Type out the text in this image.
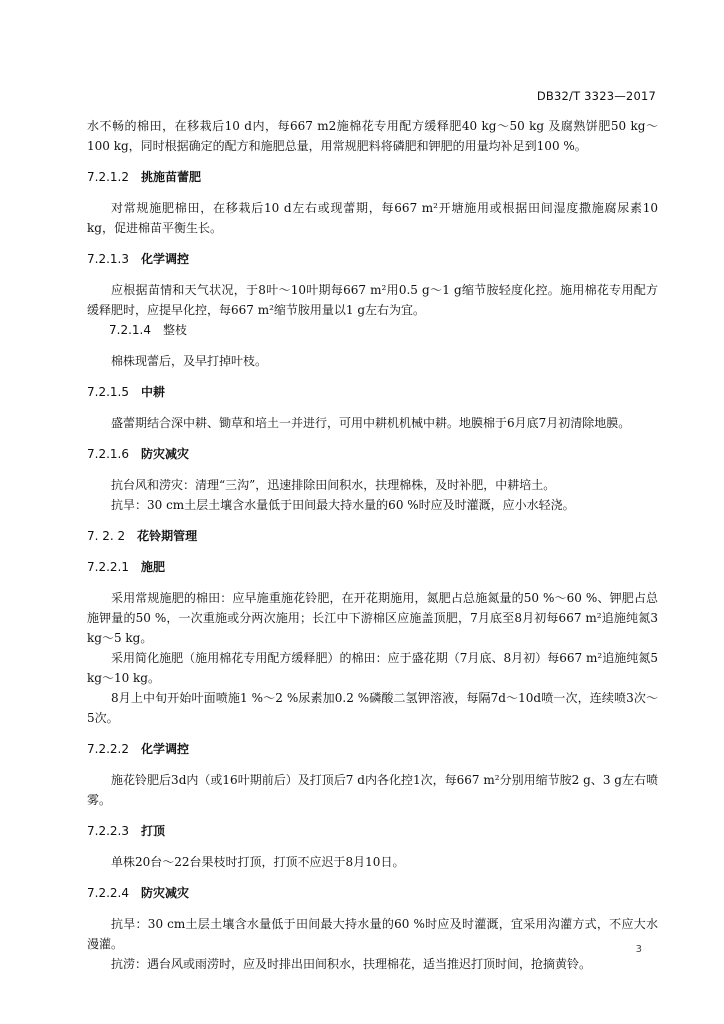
DB32/T 3323—2017

水不畅的棉田，在移栽后10 d内，每667 m2施棉花专用配方缓释肥40 kg～50 kg 及腐熟饼肥50 kg～100 kg，同时根据确定的配方和施肥总量，用常规肥料将磷肥和钾肥的用量均补足到100 %。

7.2.1.2 挑施苗蕾肥

对常规施肥棉田，在移栽后10 d左右或现蕾期，每667 m²开塘施用或根据田间湿度撒施腐尿素10 kg，促进棉苗平衡生长。

7.2.1.3 化学调控

应根据苗情和天气状况，于8叶～10叶期每667 m²用0.5 g～1 g缩节胺轻度化控。施用棉花专用配方缓释肥时，应提早化控，每667 m²缩节胺用量以1 g左右为宜。

7.2.1.4 整枝

棉株现蕾后，及早打掉叶枝。

7.2.1.5 中耕

盛蕾期结合深中耕、锄草和培土一并进行，可用中耕机机械中耕。地膜棉于6月底7月初清除地膜。

7.2.1.6 防灾减灾

抗台风和涝灾：清理“三沟”，迅速排除田间积水，扶理棉株，及时补肥，中耕培土。

抗旱：30 cm土层土壤含水量低于田间最大持水量的60 %时应及时灌溉，应小水轻浇。

7. 2. 2 花铃期管理
7.2.2.1 施肥

采用常规施肥的棉田：应早施重施花铃肥，在开花期施用，氮肥占总施氮量的50 %～60 %、钾肥占总施钾量的50 %，一次重施或分两次施用；长江中下游棉区应施盖顶肥，7月底至8月初每667 m²追施纯氮3 kg～5 kg。

采用简化施肥（施用棉花专用配方缓释肥）的棉田：应于盛花期（7月底、8月初）每667 m²追施纯氮5 kg～10 kg。

8月上中旬开始叶面喷施1 %～2 %尿素加0.2 %磷酸二氢钾溶液，每隔7d～10d喷一次，连续喷3次～5次。

7.2.2.2 化学调控

施花铃肥后3d内（或16叶期前后）及打顶后7 d内各化控1次，每667 m²分别用缩节胺2 g、3 g左右喷雾。

7.2.2.3 打顶

单株20台～22台果枝时打顶，打顶不应迟于8月10日。

7.2.2.4 防灾减灾

抗旱：30 cm土层土壤含水量低于田间最大持水量的60 %时应及时灌溉，宜采用沟灌方式，不应大水漫灌。

抗涝：遇台风或雨涝时，应及时排出田间积水，扶理棉花，适当推迟打顶时间，抢摘黄铃。

3
